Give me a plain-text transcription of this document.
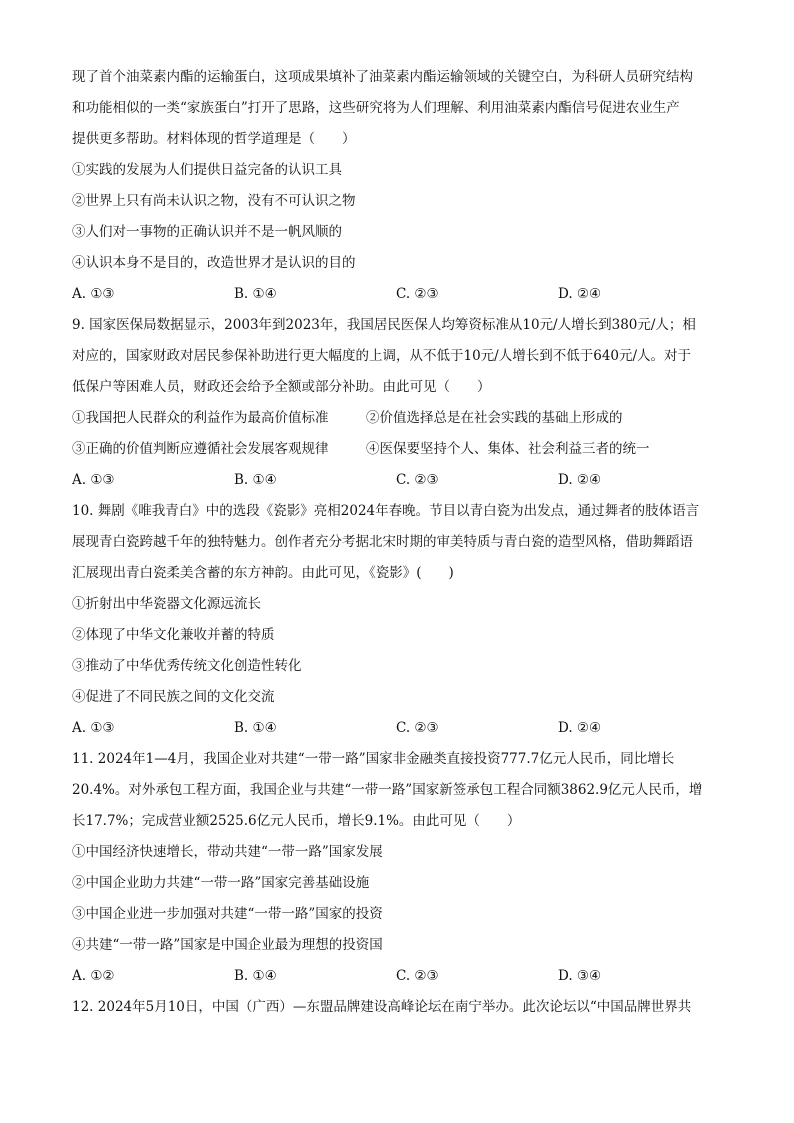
现了首个油菜素内酯的运输蛋白，这项成果填补了油菜素内酯运输领域的关键空白，为科研人员研究结构
和功能相似的一类“家族蛋白”打开了思路，这些研究将为人们理解、利用油菜素内酯信号促进农业生产
提供更多帮助。材料体现的哲学道理是（　　）
①实践的发展为人们提供日益完备的认识工具
②世界上只有尚未认识之物，没有不可认识之物
③人们对一事物的正确认识并不是一帆风顺的
④认识本身不是目的，改造世界才是认识的目的
A. ①③	B. ①④	C. ②③	D. ②④
9. 国家医保局数据显示，2003年到2023年，我国居民医保人均筹资标准从10元/人增长到380元/人；相
对应的，国家财政对居民参保补助进行更大幅度的上调，从不低于10元/人增长到不低于640元/人。对于
低保户等困难人员，财政还会给予全额或部分补助。由此可见（　　）
①我国把人民群众的利益作为最高价值标准	②价值选择总是在社会实践的基础上形成的
③正确的价值判断应遵循社会发展客观规律	④医保要坚持个人、集体、社会利益三者的统一
A. ①③	B. ①④	C. ②③	D. ②④
10. 舞剧《唯我青白》中的选段《瓷影》亮相2024年春晚。节目以青白瓷为出发点，通过舞者的肢体语言
展现青白瓷跨越千年的独特魅力。创作者充分考据北宋时期的审美特质与青白瓷的造型风格，借助舞蹈语
汇展现出青白瓷柔美含蓄的东方神韵。由此可见，《瓷影》(　　)
①折射出中华瓷器文化源远流长
②体现了中华文化兼收并蓄的特质
③推动了中华优秀传统文化创造性转化
④促进了不同民族之间的文化交流
A. ①③	B. ①④	C. ②③	D. ②④
11. 2024年1—4月，我国企业对共建“一带一路”国家非金融类直接投资777.7亿元人民币，同比增长
20.4%。对外承包工程方面，我国企业与共建“一带一路”国家新签承包工程合同额3862.9亿元人民币，增
长17.7%；完成营业额2525.6亿元人民币，增长9.1%。由此可见（　　）
①中国经济快速增长，带动共建“一带一路”国家发展
②中国企业助力共建“一带一路”国家完善基础设施
③中国企业进一步加强对共建“一带一路”国家的投资
④共建“一带一路”国家是中国企业最为理想的投资国
A. ①②	B. ①④	C. ②③	D. ③④
12. 2024年5月10日，中国（广西）—东盟品牌建设高峰论坛在南宁举办。此次论坛以“中国品牌世界共
